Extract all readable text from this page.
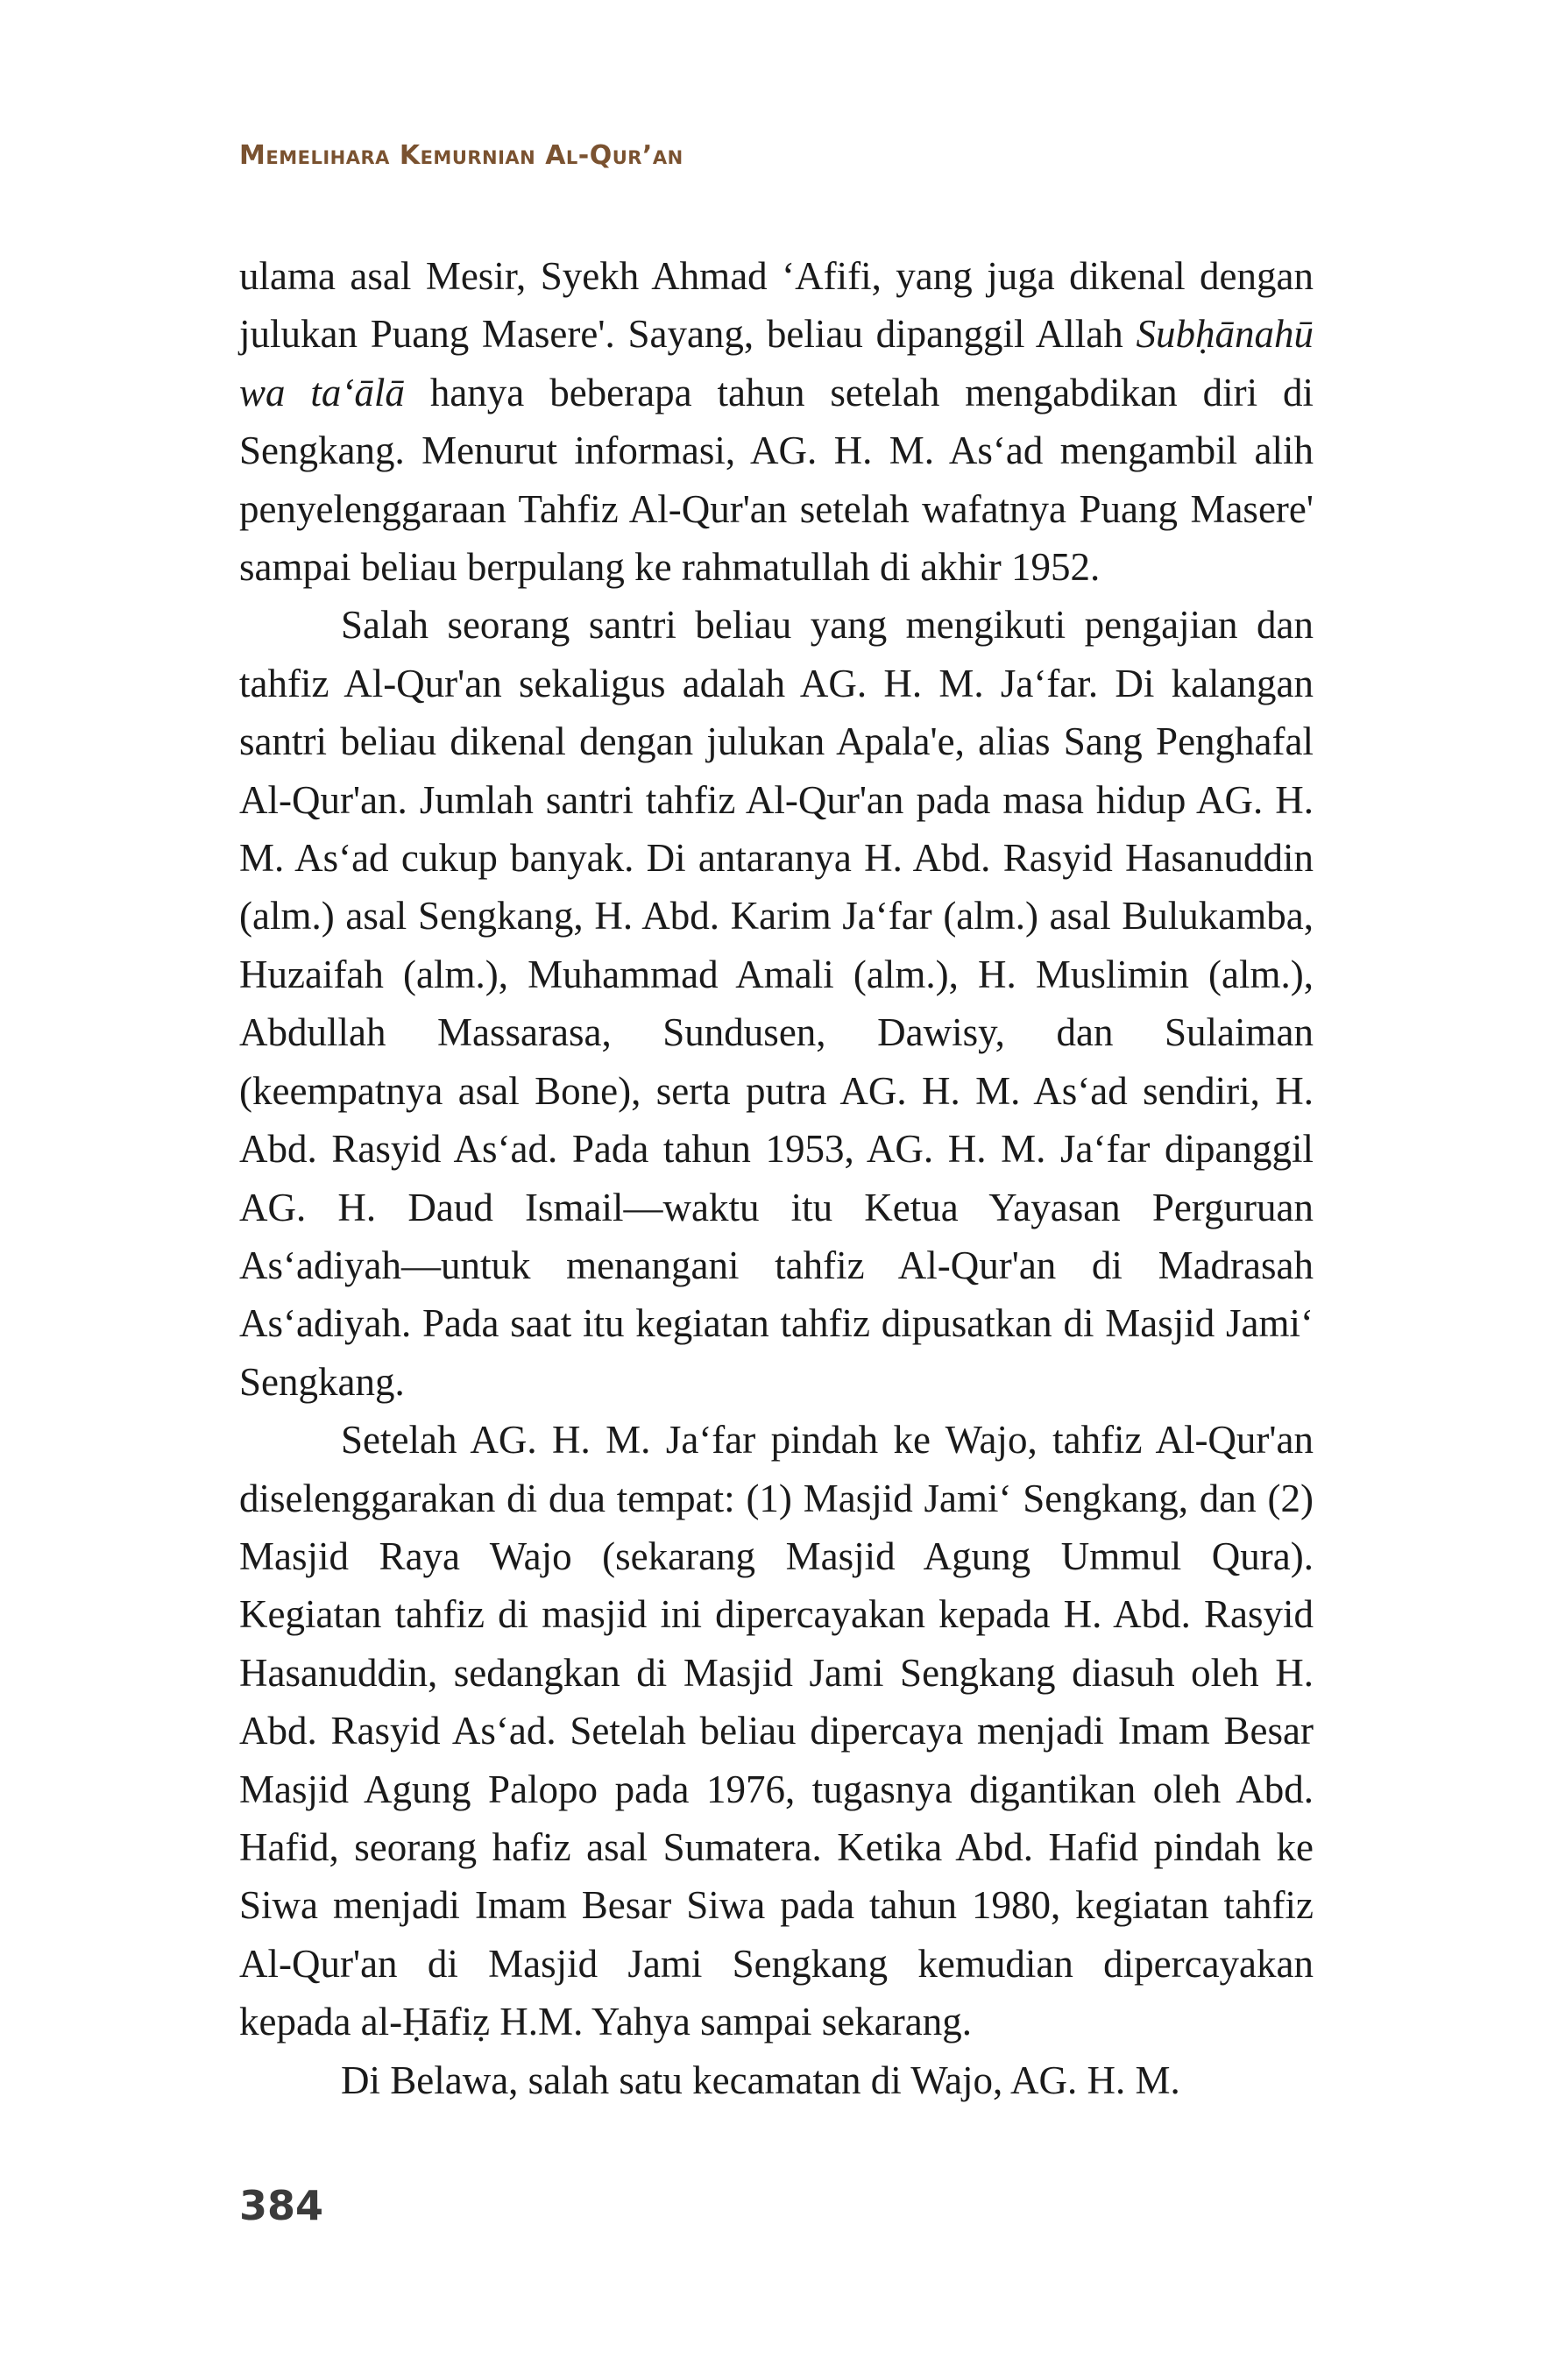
Memelihara Kemurnian Al-Qur’an

ulama asal Mesir, Syekh Ahmad ‘Afifi, yang juga dikenal dengan julukan Puang Masere'. Sayang, beliau dipanggil Allah Subḥānahū wa ta‘ālā hanya beberapa tahun setelah mengabdikan diri di Sengkang. Menurut informasi, AG. H. M. As‘ad mengambil alih penyelenggaraan Tahfiz Al-Qur'an setelah wafatnya Puang Masere' sampai beliau berpulang ke rahmatullah di akhir 1952.

Salah seorang santri beliau yang mengikuti pengajian dan tahfiz Al-Qur'an sekaligus adalah AG. H. M. Ja‘far. Di kalangan santri beliau dikenal dengan julukan Apala'e, alias Sang Penghafal Al-Qur'an. Jumlah santri tahfiz Al-Qur'an pada masa hidup AG. H. M. As‘ad cukup banyak. Di antaranya H. Abd. Rasyid Hasanuddin (alm.) asal Sengkang, H. Abd. Karim Ja‘far (alm.) asal Bulukamba, Huzaifah (alm.), Muhammad Amali (alm.), H. Muslimin (alm.), Abdullah Massarasa, Sundusen, Dawisy, dan Sulaiman (keempatnya asal Bone), serta putra AG. H. M. As‘ad sendiri, H. Abd. Rasyid As‘ad. Pada tahun 1953, AG. H. M. Ja‘far dipanggil AG. H. Daud Ismail—waktu itu Ketua Yayasan Perguruan As‘adiyah—untuk menangani tahfiz Al-Qur'an di Madrasah As‘adiyah. Pada saat itu kegiatan tahfiz dipusatkan di Masjid Jami‘ Sengkang.

Setelah AG. H. M. Ja‘far pindah ke Wajo, tahfiz Al-Qur'an diselenggarakan di dua tempat: (1) Masjid Jami‘ Sengkang, dan (2) Masjid Raya Wajo (sekarang Masjid Agung Ummul Qura). Kegiatan tahfiz di masjid ini dipercayakan kepada H. Abd. Rasyid Hasanuddin, sedangkan di Masjid Jami Sengkang diasuh oleh H. Abd. Rasyid As‘ad. Setelah beliau dipercaya menjadi Imam Besar Masjid Agung Palopo pada 1976, tugasnya digantikan oleh Abd. Hafid, seorang hafiz asal Sumatera. Ketika Abd. Hafid pindah ke Siwa menjadi Imam Besar Siwa pada tahun 1980, kegiatan tahfiz Al-Qur'an di Masjid Jami Sengkang kemudian dipercayakan kepada al-Ḥāfiẓ H.M. Yahya sampai sekarang.

Di Belawa, salah satu kecamatan di Wajo, AG. H. M.

384
